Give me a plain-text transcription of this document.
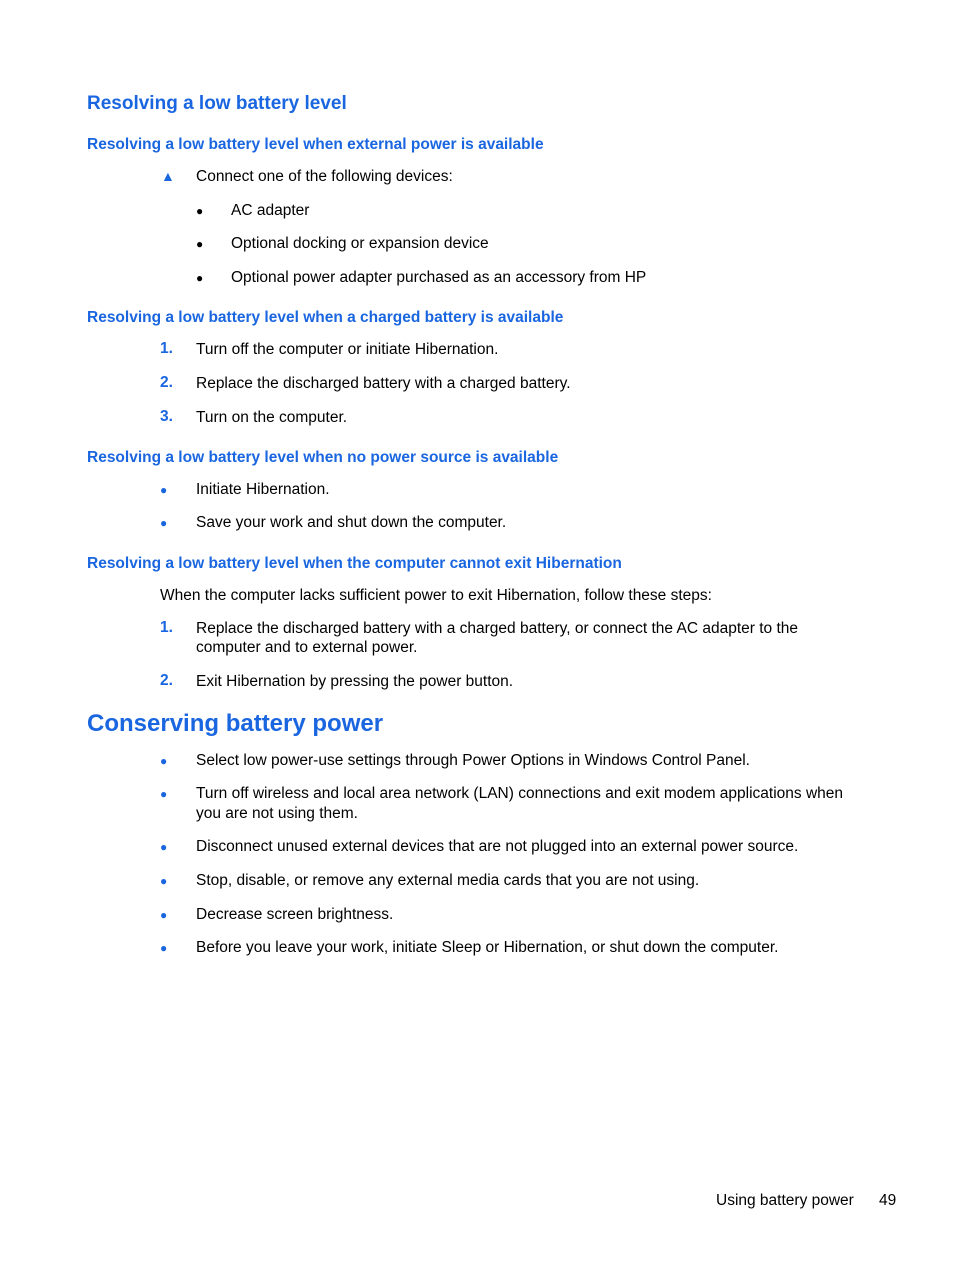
Resolving a low battery level
Resolving a low battery level when external power is available
▲ Connect one of the following devices:
● AC adapter
● Optional docking or expansion device
● Optional power adapter purchased as an accessory from HP
Resolving a low battery level when a charged battery is available
1. Turn off the computer or initiate Hibernation.
2. Replace the discharged battery with a charged battery.
3. Turn on the computer.
Resolving a low battery level when no power source is available
● Initiate Hibernation.
● Save your work and shut down the computer.
Resolving a low battery level when the computer cannot exit Hibernation
When the computer lacks sufficient power to exit Hibernation, follow these steps:
1. Replace the discharged battery with a charged battery, or connect the AC adapter to the
computer and to external power.
2. Exit Hibernation by pressing the power button.
Conserving battery power
● Select low power-use settings through Power Options in Windows Control Panel.
● Turn off wireless and local area network (LAN) connections and exit modem applications when
you are not using them.
● Disconnect unused external devices that are not plugged into an external power source.
● Stop, disable, or remove any external media cards that you are not using.
● Decrease screen brightness.
● Before you leave your work, initiate Sleep or Hibernation, or shut down the computer.
Using battery power 49
